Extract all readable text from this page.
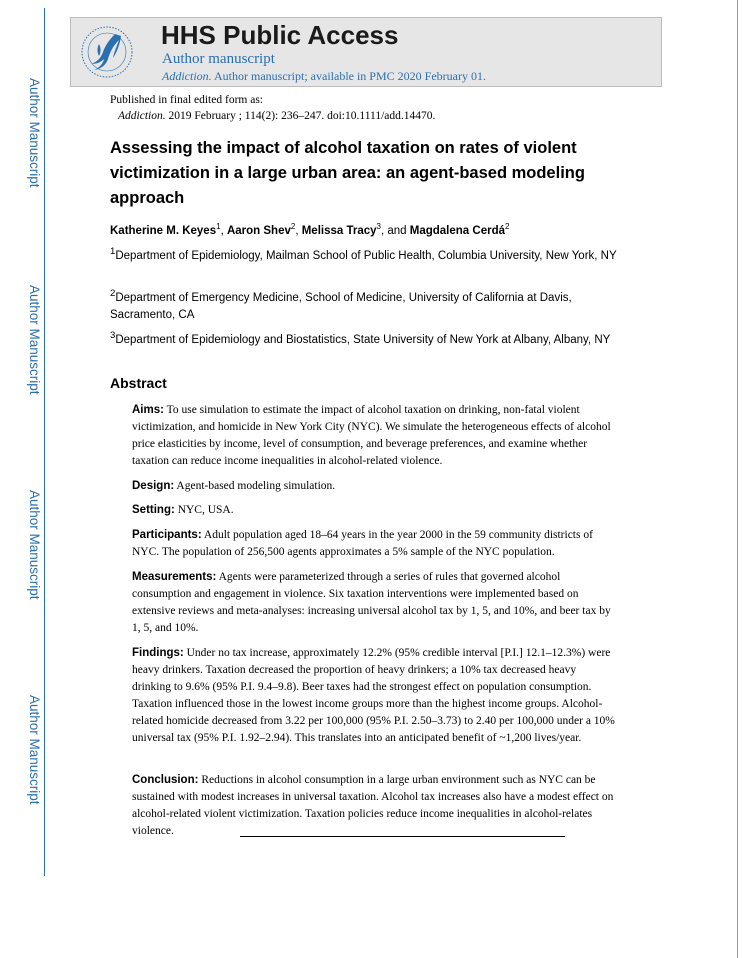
Author Manuscript
Author Manuscript
Author Manuscript
Author Manuscript
HHS Public Access
Author manuscript
Addiction. Author manuscript; available in PMC 2020 February 01.
Published in final edited form as:
Addiction. 2019 February ; 114(2): 236–247. doi:10.1111/add.14470.
Assessing the impact of alcohol taxation on rates of violent victimization in a large urban area: an agent-based modeling approach
Katherine M. Keyes$^1$, Aaron Shev$^2$, Melissa Tracy$^3$, and Magdalena Cerdá$^2$
$^1$Department of Epidemiology, Mailman School of Public Health, Columbia University, New York, NY
$^2$Department of Emergency Medicine, School of Medicine, University of California at Davis, Sacramento, CA
$^3$Department of Epidemiology and Biostatistics, State University of New York at Albany, Albany, NY
Abstract
Aims: To use simulation to estimate the impact of alcohol taxation on drinking, non-fatal violent victimization, and homicide in New York City (NYC). We simulate the heterogeneous effects of alcohol price elasticities by income, level of consumption, and beverage preferences, and examine whether taxation can reduce income inequalities in alcohol-related violence.
Design: Agent-based modeling simulation.
Setting: NYC, USA.
Participants: Adult population aged 18–64 years in the year 2000 in the 59 community districts of NYC. The population of 256,500 agents approximates a 5% sample of the NYC population.
Measurements: Agents were parameterized through a series of rules that governed alcohol consumption and engagement in violence. Six taxation interventions were implemented based on extensive reviews and meta-analyses: increasing universal alcohol tax by 1, 5, and 10%, and beer tax by 1, 5, and 10%.
Findings: Under no tax increase, approximately 12.2% (95% credible interval [P.I.] 12.1–12.3%) were heavy drinkers. Taxation decreased the proportion of heavy drinkers; a 10% tax decreased heavy drinking to 9.6% (95% P.I. 9.4–9.8). Beer taxes had the strongest effect on population consumption. Taxation influenced those in the lowest income groups more than the highest income groups. Alcohol-related homicide decreased from 3.22 per 100,000 (95% P.I. 2.50–3.73) to 2.40 per 100,000 under a 10% universal tax (95% P.I. 1.92–2.94). This translates into an anticipated benefit of ~1,200 lives/year.
Conclusion: Reductions in alcohol consumption in a large urban environment such as NYC can be sustained with modest increases in universal taxation. Alcohol tax increases also have a modest effect on alcohol-related violent victimization. Taxation policies reduce income inequalities in alcohol-relates violence.
